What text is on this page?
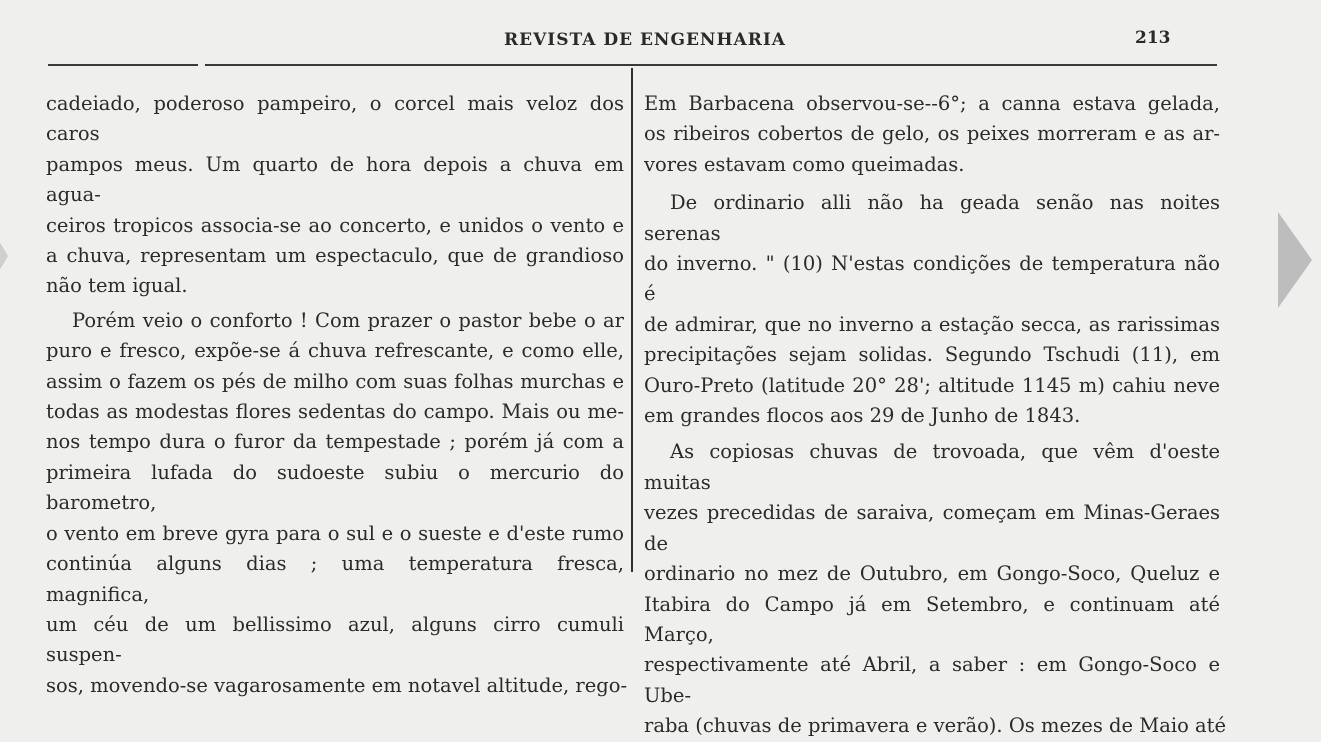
REVISTA DE ENGENHARIA	213

cadeiado, poderoso pampeiro, o corcel mais veloz dos caros
pampos meus. Um quarto de hora depois a chuva em agua-
ceiros tropicos associa-se ao concerto, e unidos o vento e
a chuva, representam um espectaculo, que de grandioso
não tem igual.

Porém veio o conforto ! Com prazer o pastor bebe o ar
puro e fresco, expõe-se á chuva refrescante, e como elle,
assim o fazem os pés de milho com suas folhas murchas e
todas as modestas flores sedentas do campo. Mais ou me-
nos tempo dura o furor da tempestade ; porém já com a
primeira lufada do sudoeste subiu o mercurio do barometro,
o vento em breve gyra para o sul e o sueste e d'este rumo
continúa alguns dias ; uma temperatura fresca, magnifica,
um céu de um bellissimo azul, alguns cirro cumuli suspen-
sos, movendo-se vagarosamente em notavel altitude, rego-

Em Barbacena observou-se--6°; a canna estava gelada,
os ribeiros cobertos de gelo, os peixes morreram e as ar-
vores estavam como queimadas.

De ordinario alli não ha geada senão nas noites serenas
do inverno. " (10) N'estas condições de temperatura não é
de admirar, que no inverno a estação secca, as rarissimas
precipitações sejam solidas. Segundo Tschudi (11), em
Ouro-Preto (latitude 20° 28'; altitude 1145 m) cahiu neve
em grandes flocos aos 29 de Junho de 1843.

As copiosas chuvas de trovoada, que vêm d'oeste muitas
vezes precedidas de saraiva, começam em Minas-Geraes de
ordinario no mez de Outubro, em Gongo-Soco, Queluz e
Itabira do Campo já em Setembro, e continuam até Março,
respectivamente até Abril, a saber : em Gongo-Soco e Ube-
raba (chuvas de primavera e verão). Os mezes de Maio até
